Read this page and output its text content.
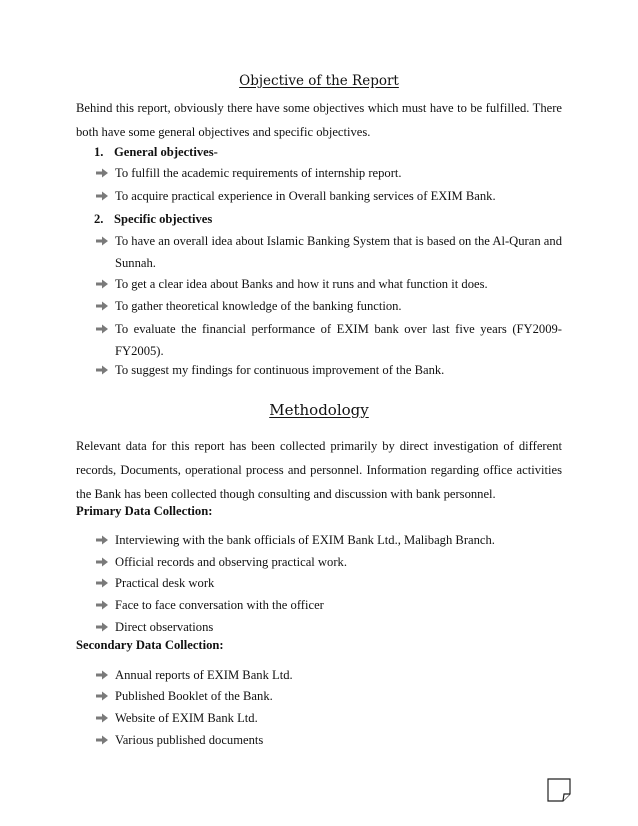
Objective of the Report
Behind this report, obviously there have some objectives which must have to be fulfilled. There
both have some general objectives and specific objectives.
1. General objectives-
To fulfill the academic requirements of internship report.
To acquire practical experience in Overall banking services of EXIM Bank.
2. Specific objectives
To have an overall idea about Islamic Banking System that is based on the Al-Quran and
Sunnah.
To get a clear idea about Banks and how it runs and what function it does.
To gather theoretical knowledge of the banking function.
To evaluate the financial performance of EXIM bank over last five years (FY2009-
FY2005).
To suggest my findings for continuous improvement of the Bank.
Methodology
Relevant data for this report has been collected primarily by direct investigation of different
records, Documents, operational process and personnel. Information regarding office activities
the Bank has been collected though consulting and discussion with bank personnel.
Primary Data Collection:
Interviewing with the bank officials of EXIM Bank Ltd., Malibagh Branch.
Official records and observing practical work.
Practical desk work
Face to face conversation with the officer
Direct observations
Secondary Data Collection:
Annual reports of EXIM Bank Ltd.
Published Booklet of the Bank.
Website of EXIM Bank Ltd.
Various published documents
